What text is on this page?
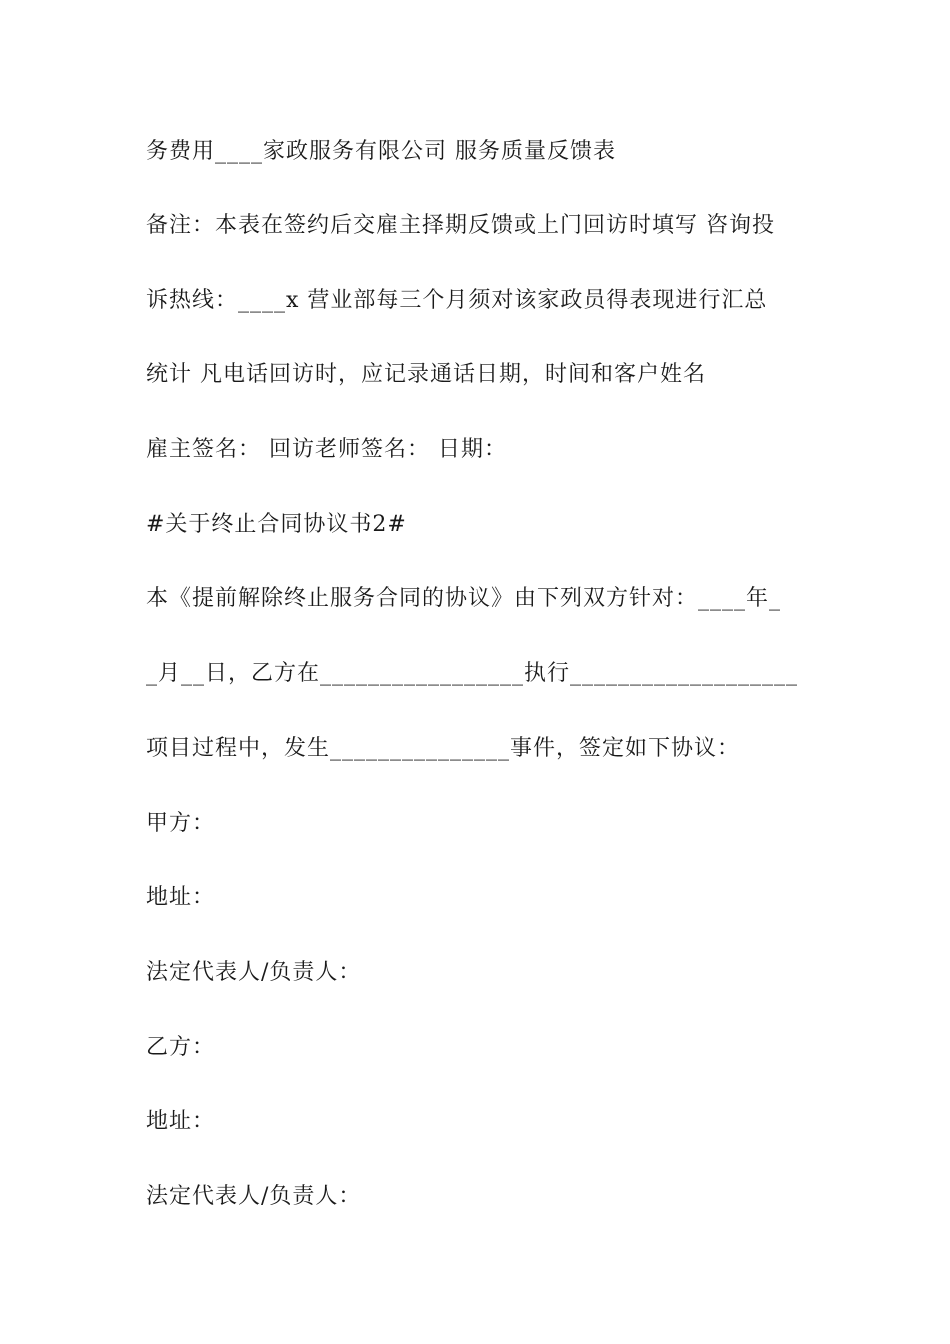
务费用____家政服务有限公司 服务质量反馈表
备注：本表在签约后交雇主择期反馈或上门回访时填写 咨询投
诉热线：____x 营业部每三个月须对该家政员得表现进行汇总
统计 凡电话回访时，应记录通话日期，时间和客户姓名
雇主签名： 回访老师签名： 日期：
#关于终止合同协议书2#
本《提前解除终止服务合同的协议》由下列双方针对：____年_
_月__日，乙方在_________________执行___________________
项目过程中，发生_______________事件，签定如下协议：
甲方：
地址：
法定代表人/负责人：
乙方：
地址：
法定代表人/负责人：
